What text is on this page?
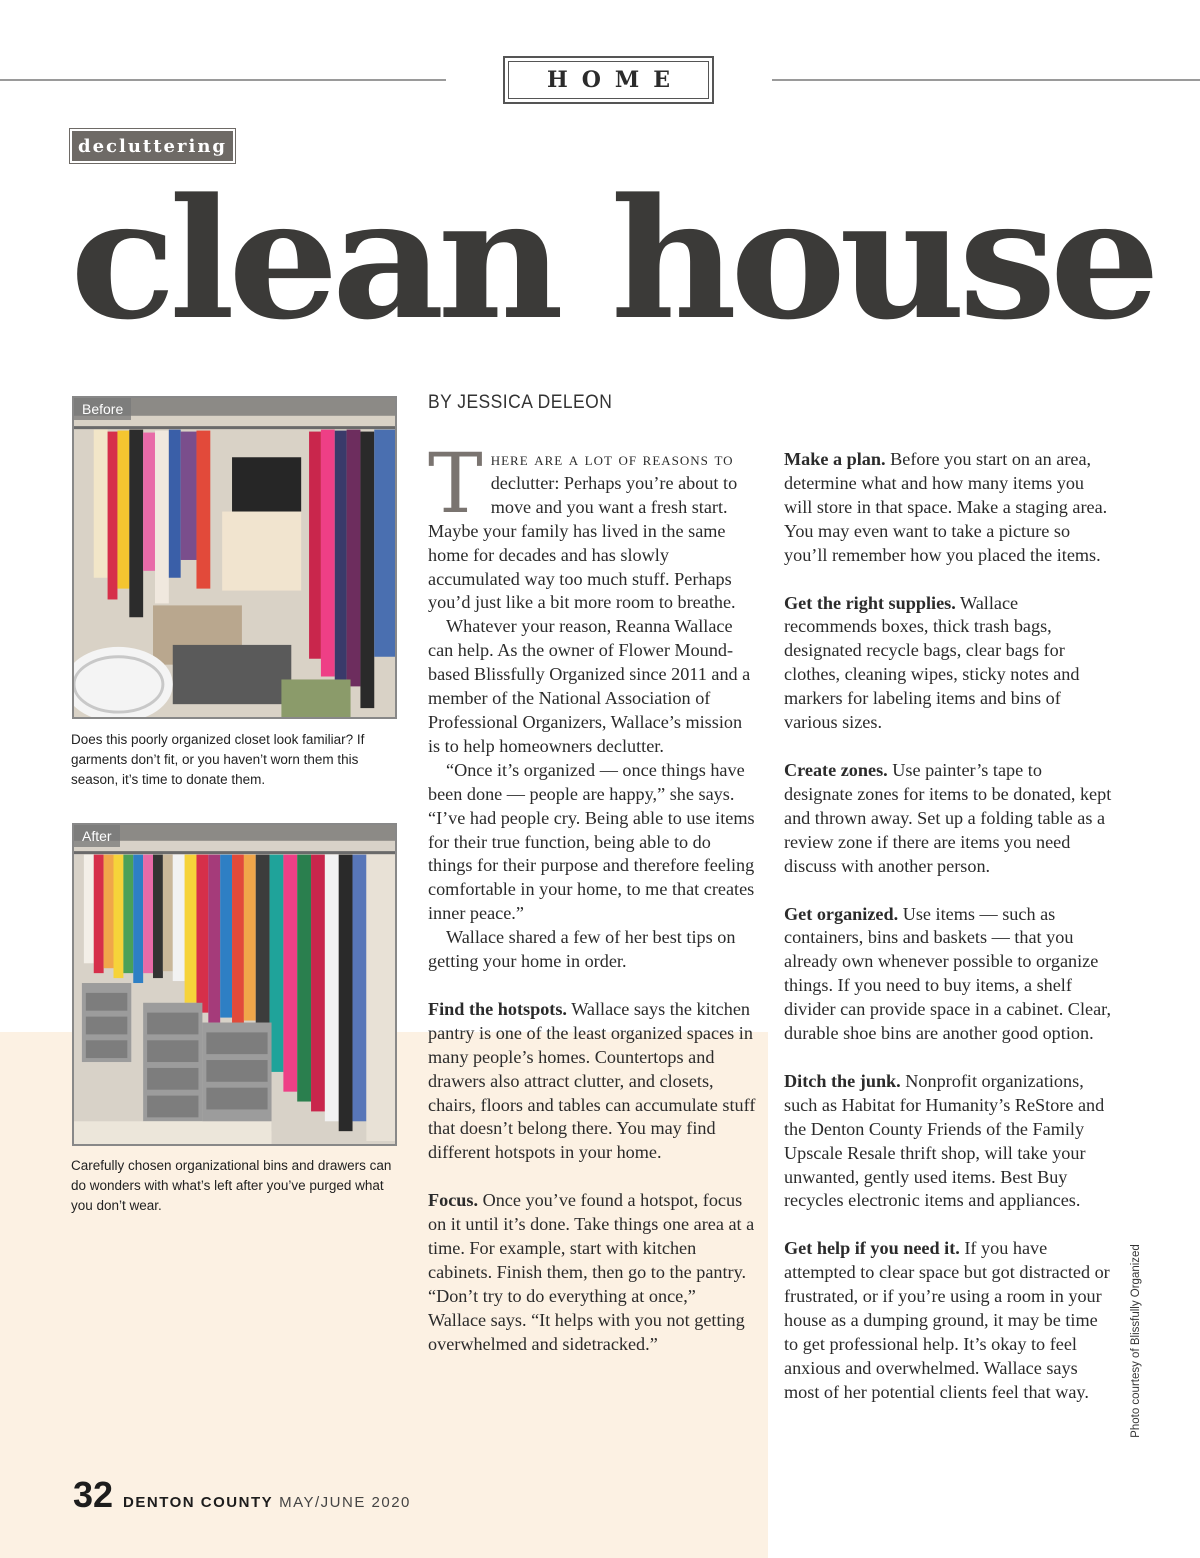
HOME
decluttering
clean house
Before

Does this poorly organized closet look familiar? If garments don’t fit, or you haven’t worn them this season, it’s time to donate them.

After

Carefully chosen organizational bins and drawers can do wonders with what’s left after you’ve purged what you don’t wear.

BY JESSICA DELEON

There are a lot of reasons to declutter: Perhaps you’re about to move and you want a fresh start. Maybe your family has lived in the same home for decades and has slowly accumulated way too much stuff. Perhaps you’d just like a bit more room to breathe.

Whatever your reason, Reanna Wallace can help. As the owner of Flower Mound-based Blissfully Organized since 2011 and a member of the National Association of Professional Organizers, Wallace’s mission is to help homeowners declutter.

“Once it’s organized — once things have been done — people are happy,” she says. “I’ve had people cry. Being able to use items for their true function, being able to do things for their purpose and therefore feeling comfortable in your home, to me that creates inner peace.”

Wallace shared a few of her best tips on getting your home in order.

Find the hotspots. Wallace says the kitchen pantry is one of the least organized spaces in many people’s homes. Countertops and drawers also attract clutter, and closets, chairs, floors and tables can accumulate stuff that doesn’t belong there. You may find different hotspots in your home.

Focus. Once you’ve found a hotspot, focus on it until it’s done. Take things one area at a time. For example, start with kitchen cabinets. Finish them, then go to the pantry. “Don’t try to do everything at once,” Wallace says. “It helps with you not getting overwhelmed and sidetracked.”

Make a plan. Before you start on an area, determine what and how many items you will store in that space. Make a staging area. You may even want to take a picture so you’ll remember how you placed the items.

Get the right supplies. Wallace recommends boxes, thick trash bags, designated recycle bags, clear bags for clothes, cleaning wipes, sticky notes and markers for labeling items and bins of various sizes.

Create zones. Use painter’s tape to designate zones for items to be donated, kept and thrown away. Set up a folding table as a review zone if there are items you need discuss with another person.

Get organized. Use items — such as containers, bins and baskets — that you already own whenever possible to organize things. If you need to buy items, a shelf divider can provide space in a cabinet. Clear, durable shoe bins are another good option.

Ditch the junk. Nonprofit organizations, such as Habitat for Humanity’s ReStore and the Denton County Friends of the Family Upscale Resale thrift shop, will take your unwanted, gently used items. Best Buy recycles electronic items and appliances.

Get help if you need it. If you have attempted to clear space but got distracted or frustrated, or if you’re using a room in your house as a dumping ground, it may be time to get professional help. It’s okay to feel anxious and overwhelmed. Wallace says most of her potential clients feel that way.	Photo courtesy of Blissfully Organized
32 DENTON COUNTY MAY/JUNE 2020
